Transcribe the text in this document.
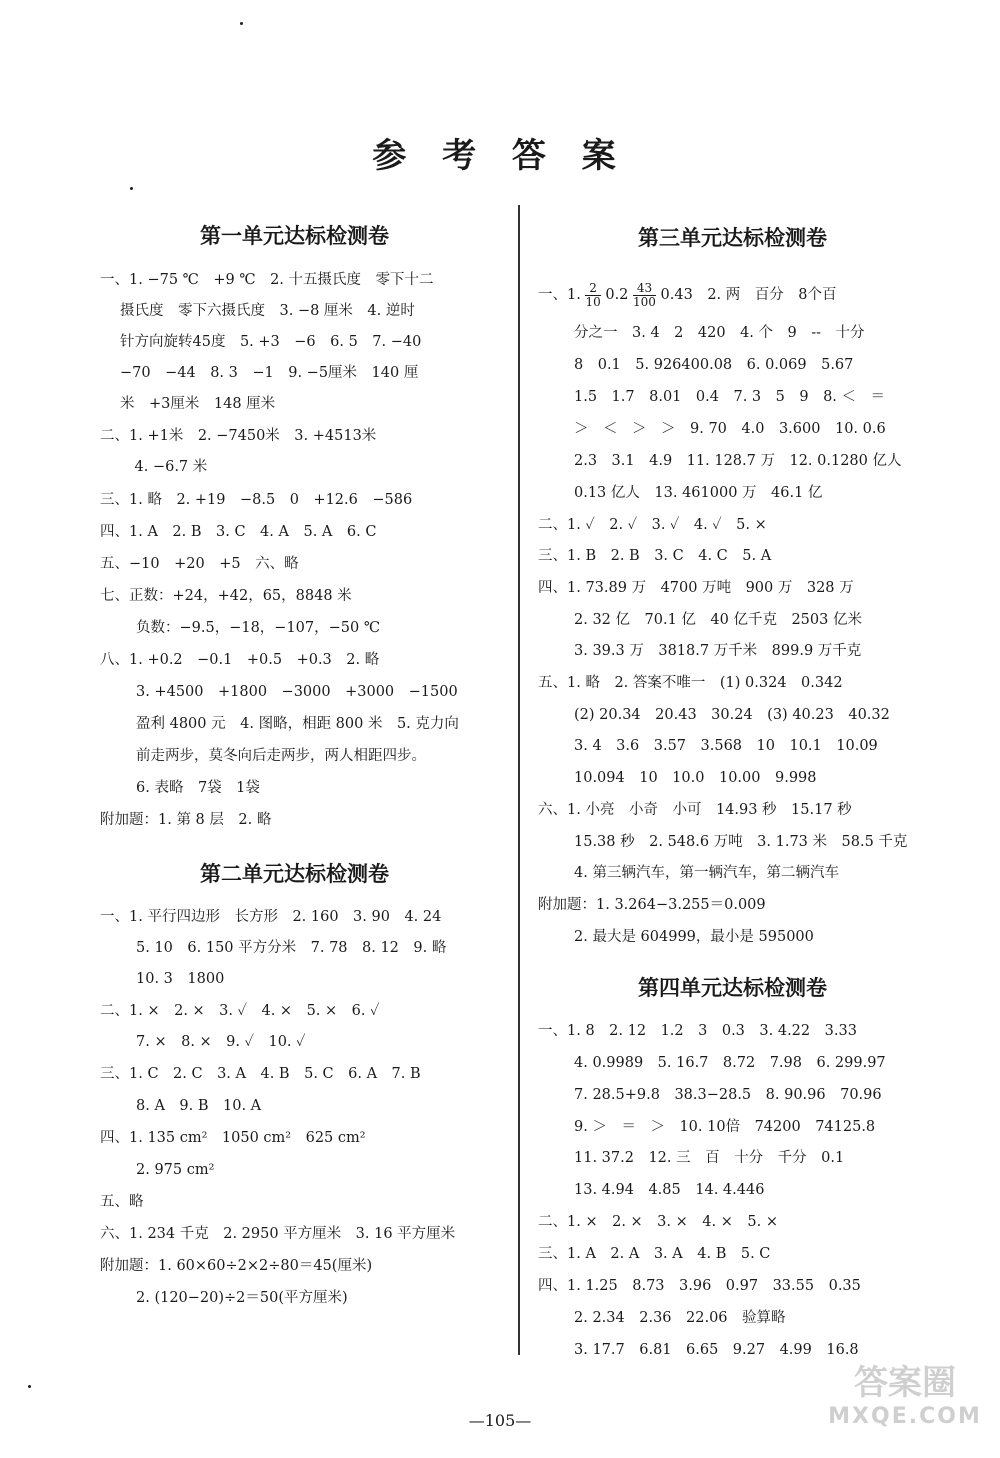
参 考 答 案
第一单元达标检测卷
一、1. −75 ℃　+9 ℃　2. 十五摄氏度　零下十二
摄氏度　零下六摄氏度　3. −8 厘米　4. 逆时
针方向旋转45度　5. +3　−6　6. 5　7. −40
−70　−44　8. 3　−1　9. −5厘米　140 厘
米　+3厘米　148 厘米
二、1. +1米　2. −7450米　3. +4513米
　4. −6.7 米
三、1. 略　2. +19　−8.5　0　+12.6　−586
四、1. A　2. B　3. C　4. A　5. A　6. C
五、−10　+20　+5　六、略
七、正数：+24，+42，65，8848 米
负数：−9.5，−18，−107，−50 ℃
八、1. +0.2　−0.1　+0.5　+0.3　2. 略
3. +4500　+1800　−3000　+3000　−1500
盈利 4800 元　4. 图略，相距 800 米　5. 克力向
前走两步，莫冬向后走两步，两人相距四步。
6. 表略　7袋　1袋
附加题：1. 第 8 层　2. 略
第二单元达标检测卷
一、1. 平行四边形　长方形　2. 160　3. 90　4. 24
5. 10　6. 150 平方分米　7. 78　8. 12　9. 略
10. 3　1800
二、1. ×　2. ×　3. ✓　4. ×　5. ×　6. ✓
7. ×　8. ×　9. ✓　10. ✓
三、1. C　2. C　3. A　4. B　5. C　6. A　7. B
8. A　9. B　10. A
四、1. 135 cm²　1050 cm²　625 cm²
2. 975 cm²
五、略
六、1. 234 千克　2. 2950 平方厘米　3. 16 平方厘米
附加题：1. 60×60÷2×2÷80＝45(厘米)
2. (120−20)÷2＝50(平方厘米)
第三单元达标检测卷
一、1. $\frac{2}{10} 0.2 \frac{43}{100} 0.43$　2. 两　百分　8个百
分之一　3. 4　2　420　4. 个　9　--　十分
8　0.1　5. 926400.08　6. 0.069　5.67
1.5　1.7　8.01　0.4　7. 3　5　9　8. ＜　＝
＞　＜　＞　＞　9. 70　4.0　3.600　10. 0.6
2.3　3.1　4.9　11. 128.7 万　12. 0.1280 亿人
0.13 亿人　13. 461000 万　46.1 亿
二、1. ✓　2. ✓　3. ✓　4. ✓　5. ×
三、1. B　2. B　3. C　4. C　5. A
四、1. 73.89 万　4700 万吨　900 万　328 万
2. 32 亿　70.1 亿　40 亿千克　2503 亿米
3. 39.3 万　3818.7 万千米　899.9 万千克
五、1. 略　2. 答案不唯一　(1) 0.324　0.342
(2) 20.34　20.43　30.24　(3) 40.23　40.32
3. 4　3.6　3.57　3.568　10　10.1　10.09
10.094　10　10.0　10.00　9.998
六、1. 小亮　小奇　小可　14.93 秒　15.17 秒
15.38 秒　2. 548.6 万吨　3. 1.73 米　58.5 千克
4. 第三辆汽车，第一辆汽车，第二辆汽车
附加题：1. 3.264−3.255＝0.009
2. 最大是 604999，最小是 595000
第四单元达标检测卷
一、1. 8　2. 12　1.2　3　0.3　3. 4.22　3.33
4. 0.9989　5. 16.7　8.72　7.98　6. 299.97
7. 28.5+9.8　38.3−28.5　8. 90.96　70.96
9. ＞　＝　＞　10. 10倍　74200　74125.8
11. 37.2　12. 三　百　十分　千分　0.1
13. 4.94　4.85　14. 4.446
二、1. ×　2. ×　3. ×　4. ×　5. ×
三、1. A　2. A　3. A　4. B　5. C
四、1. 1.25　8.73　3.96　0.97　33.55　0.35
2. 2.34　2.36　22.06　验算略
3. 17.7　6.81　6.65　9.27　4.99　16.8
—105—
答案圈
MXQE.COM
